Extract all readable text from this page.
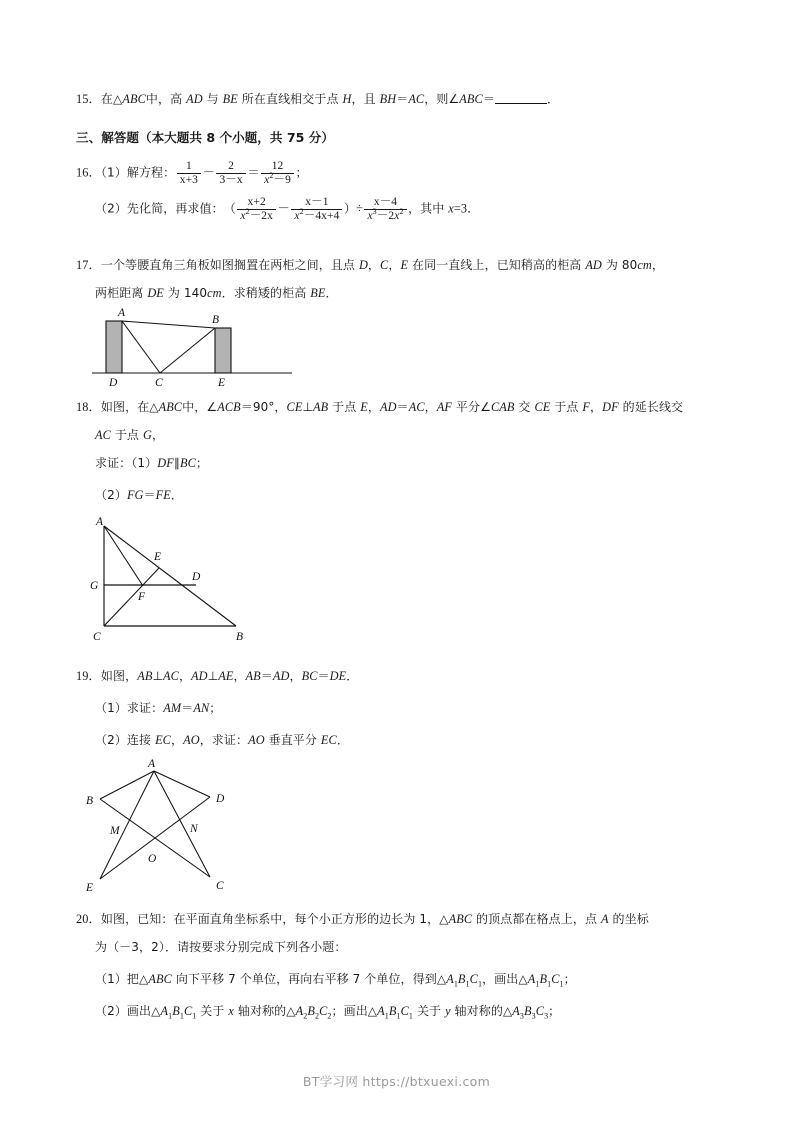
15．在△ABC中，高 AD 与 BE 所在直线相交于点 H，且 BH＝AC，则∠ABC＝	．
三、解答题（本大题共 8 个小题，共 75 分）
16．（1）解方程： $\frac{1}{x+3} - \frac{2}{3-x} = \frac{12}{x^2-9}$ ；
（2）先化简，再求值：（ $\frac{x+2}{x^2-2x} - \frac{x-1}{x^2-4x+4}$ ）÷ $\frac{x-4}{x^3-2x^2}$ ，其中 x=3．
17．一个等腰直角三角板如图搁置在两柜之间，且点 D，C，E 在同一直线上，已知稍高的柜高 AD 为 80cm，
两柜距离 DE 为 140cm．求稍矮的柜高 BE．
A
B
C
D	E
18．如图，在△ABC中，∠ACB＝90°，CE⊥AB 于点 E，AD＝AC，AF 平分∠CAB 交 CE 于点 F，DF 的延长线交
AC 于点 G，
求证：（1）DF∥BC；
（2）FG＝FE．
A
E
G
D
F
C	B
19．如图，AB⊥AC，AD⊥AE，AB＝AD，BC＝DE．
（1）求证：AM＝AN；
（2）连接 EC，AO，求证：AO 垂直平分 EC．
A
B	D
M	N
O
E	C
20．如图，已知：在平面直角坐标系中，每个小正方形的边长为 1，△ABC 的顶点都在格点上，点 A 的坐标
为（－3，2）．请按要求分别完成下列各小题：
（1）把△ABC 向下平移 7 个单位，再向右平移 7 个单位，得到$\triangle A_1B_1C_1$，画出$\triangle A_1B_1C_1$；
（2）画出$\triangle A_1B_1C_1$ 关于 x 轴对称的$\triangle A_2B_2C_2$；画出$\triangle A_1B_1C_1$ 关于 y 轴对称的$\triangle A_3B_3C_3$；
BT学习网 https://btxuexi.com
